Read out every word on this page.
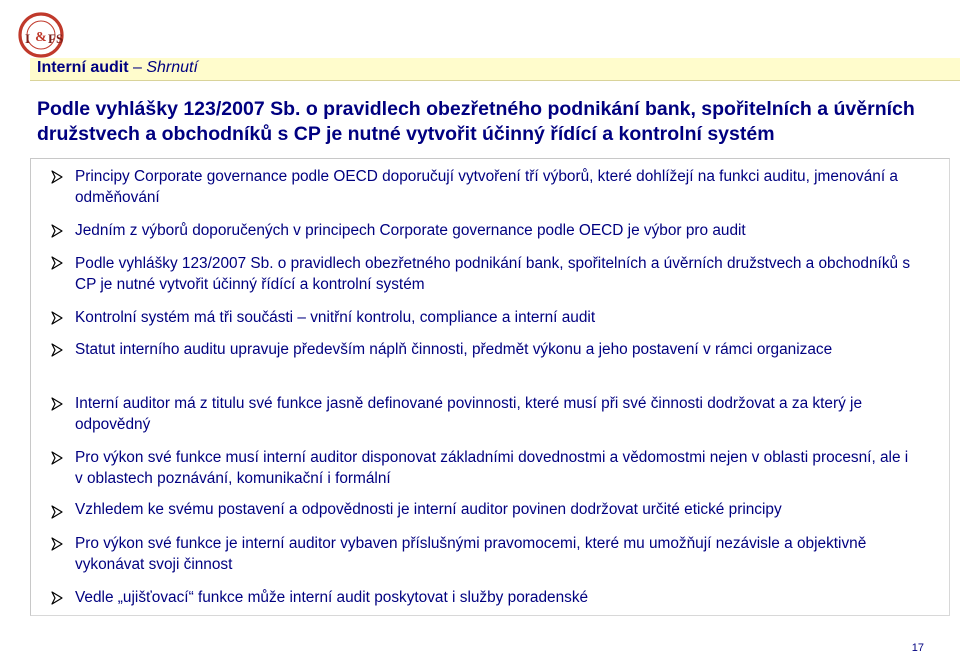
&
I FS
Interní audit – Shrnutí
Podle vyhlášky 123/2007 Sb. o pravidlech obezřetného podnikání bank, spořitelních a úvěrních družstvech a obchodníků s CP je nutné vytvořit účinný řídící a kontrolní systém
Principy Corporate governance podle OECD doporučují vytvoření tří výborů, které dohlížejí na funkci auditu, jmenování a odměňování
Jedním z výborů doporučených v principech Corporate governance podle OECD je výbor pro audit
Podle vyhlášky 123/2007 Sb. o pravidlech obezřetného podnikání bank, spořitelních a úvěrních družstvech a obchodníků s CP je nutné vytvořit účinný řídící a kontrolní systém
Kontrolní systém má tři součásti – vnitřní kontrolu, compliance a interní audit
Statut interního auditu upravuje především náplň činnosti, předmět výkonu a jeho postavení v rámci organizace
Interní auditor má z titulu své funkce jasně definované povinnosti, které musí při své činnosti dodržovat a za který je odpovědný
Pro výkon své funkce musí interní auditor disponovat základními dovednostmi a vědomostmi nejen v oblasti procesní, ale i v oblastech poznávání, komunikační i formální
Vzhledem ke svému postavení a odpovědnosti je interní auditor povinen dodržovat určité etické principy
Pro výkon své funkce je interní auditor vybaven příslušnými pravomocemi, které mu umožňují nezávisle a objektivně vykonávat svoji činnost
Vedle „ujišťovací“ funkce může interní audit poskytovat i služby poradenské
17
